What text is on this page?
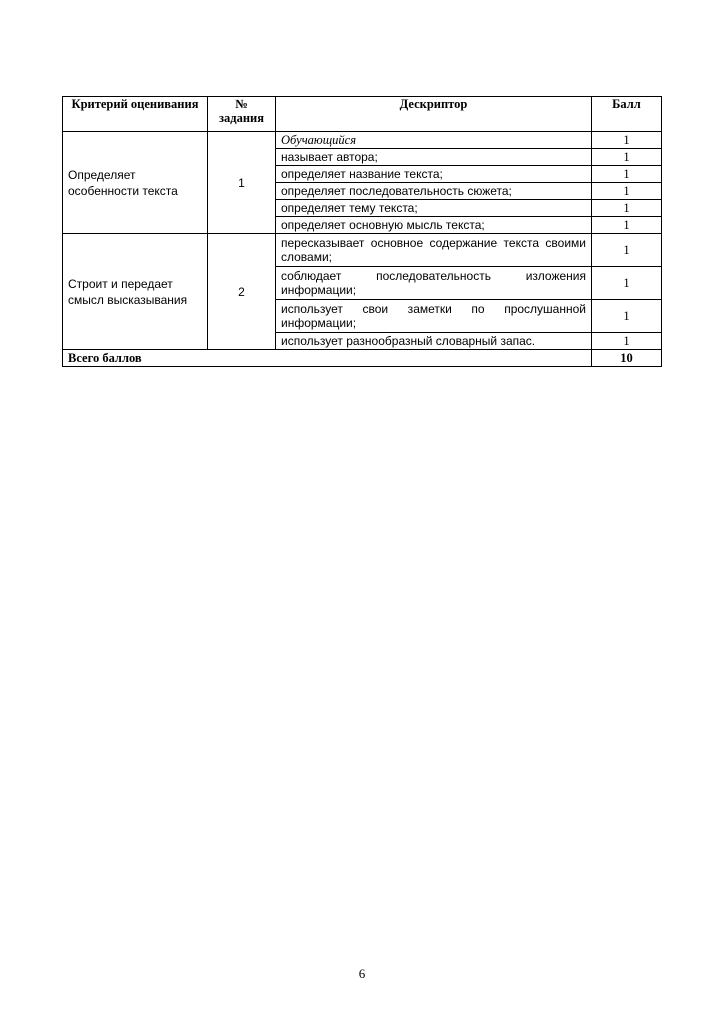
Критерий оценивания	№ задания	Дескриптор	Балл
Определяет особенности текста	1	Обучающийся	1
		называет автора;	1
		определяет название текста;	1
		определяет последовательность сюжета;	1
		определяет тему текста;	1
		определяет основную мысль текста;	1
Строит и передает смысл высказывания	2	пересказывает основное содержание текста своими словами;	1
		соблюдает последовательность изложения информации;	1
		использует свои заметки по прослушанной информации;	1
		использует разнообразный словарный запас.	1
Всего баллов			10
6
